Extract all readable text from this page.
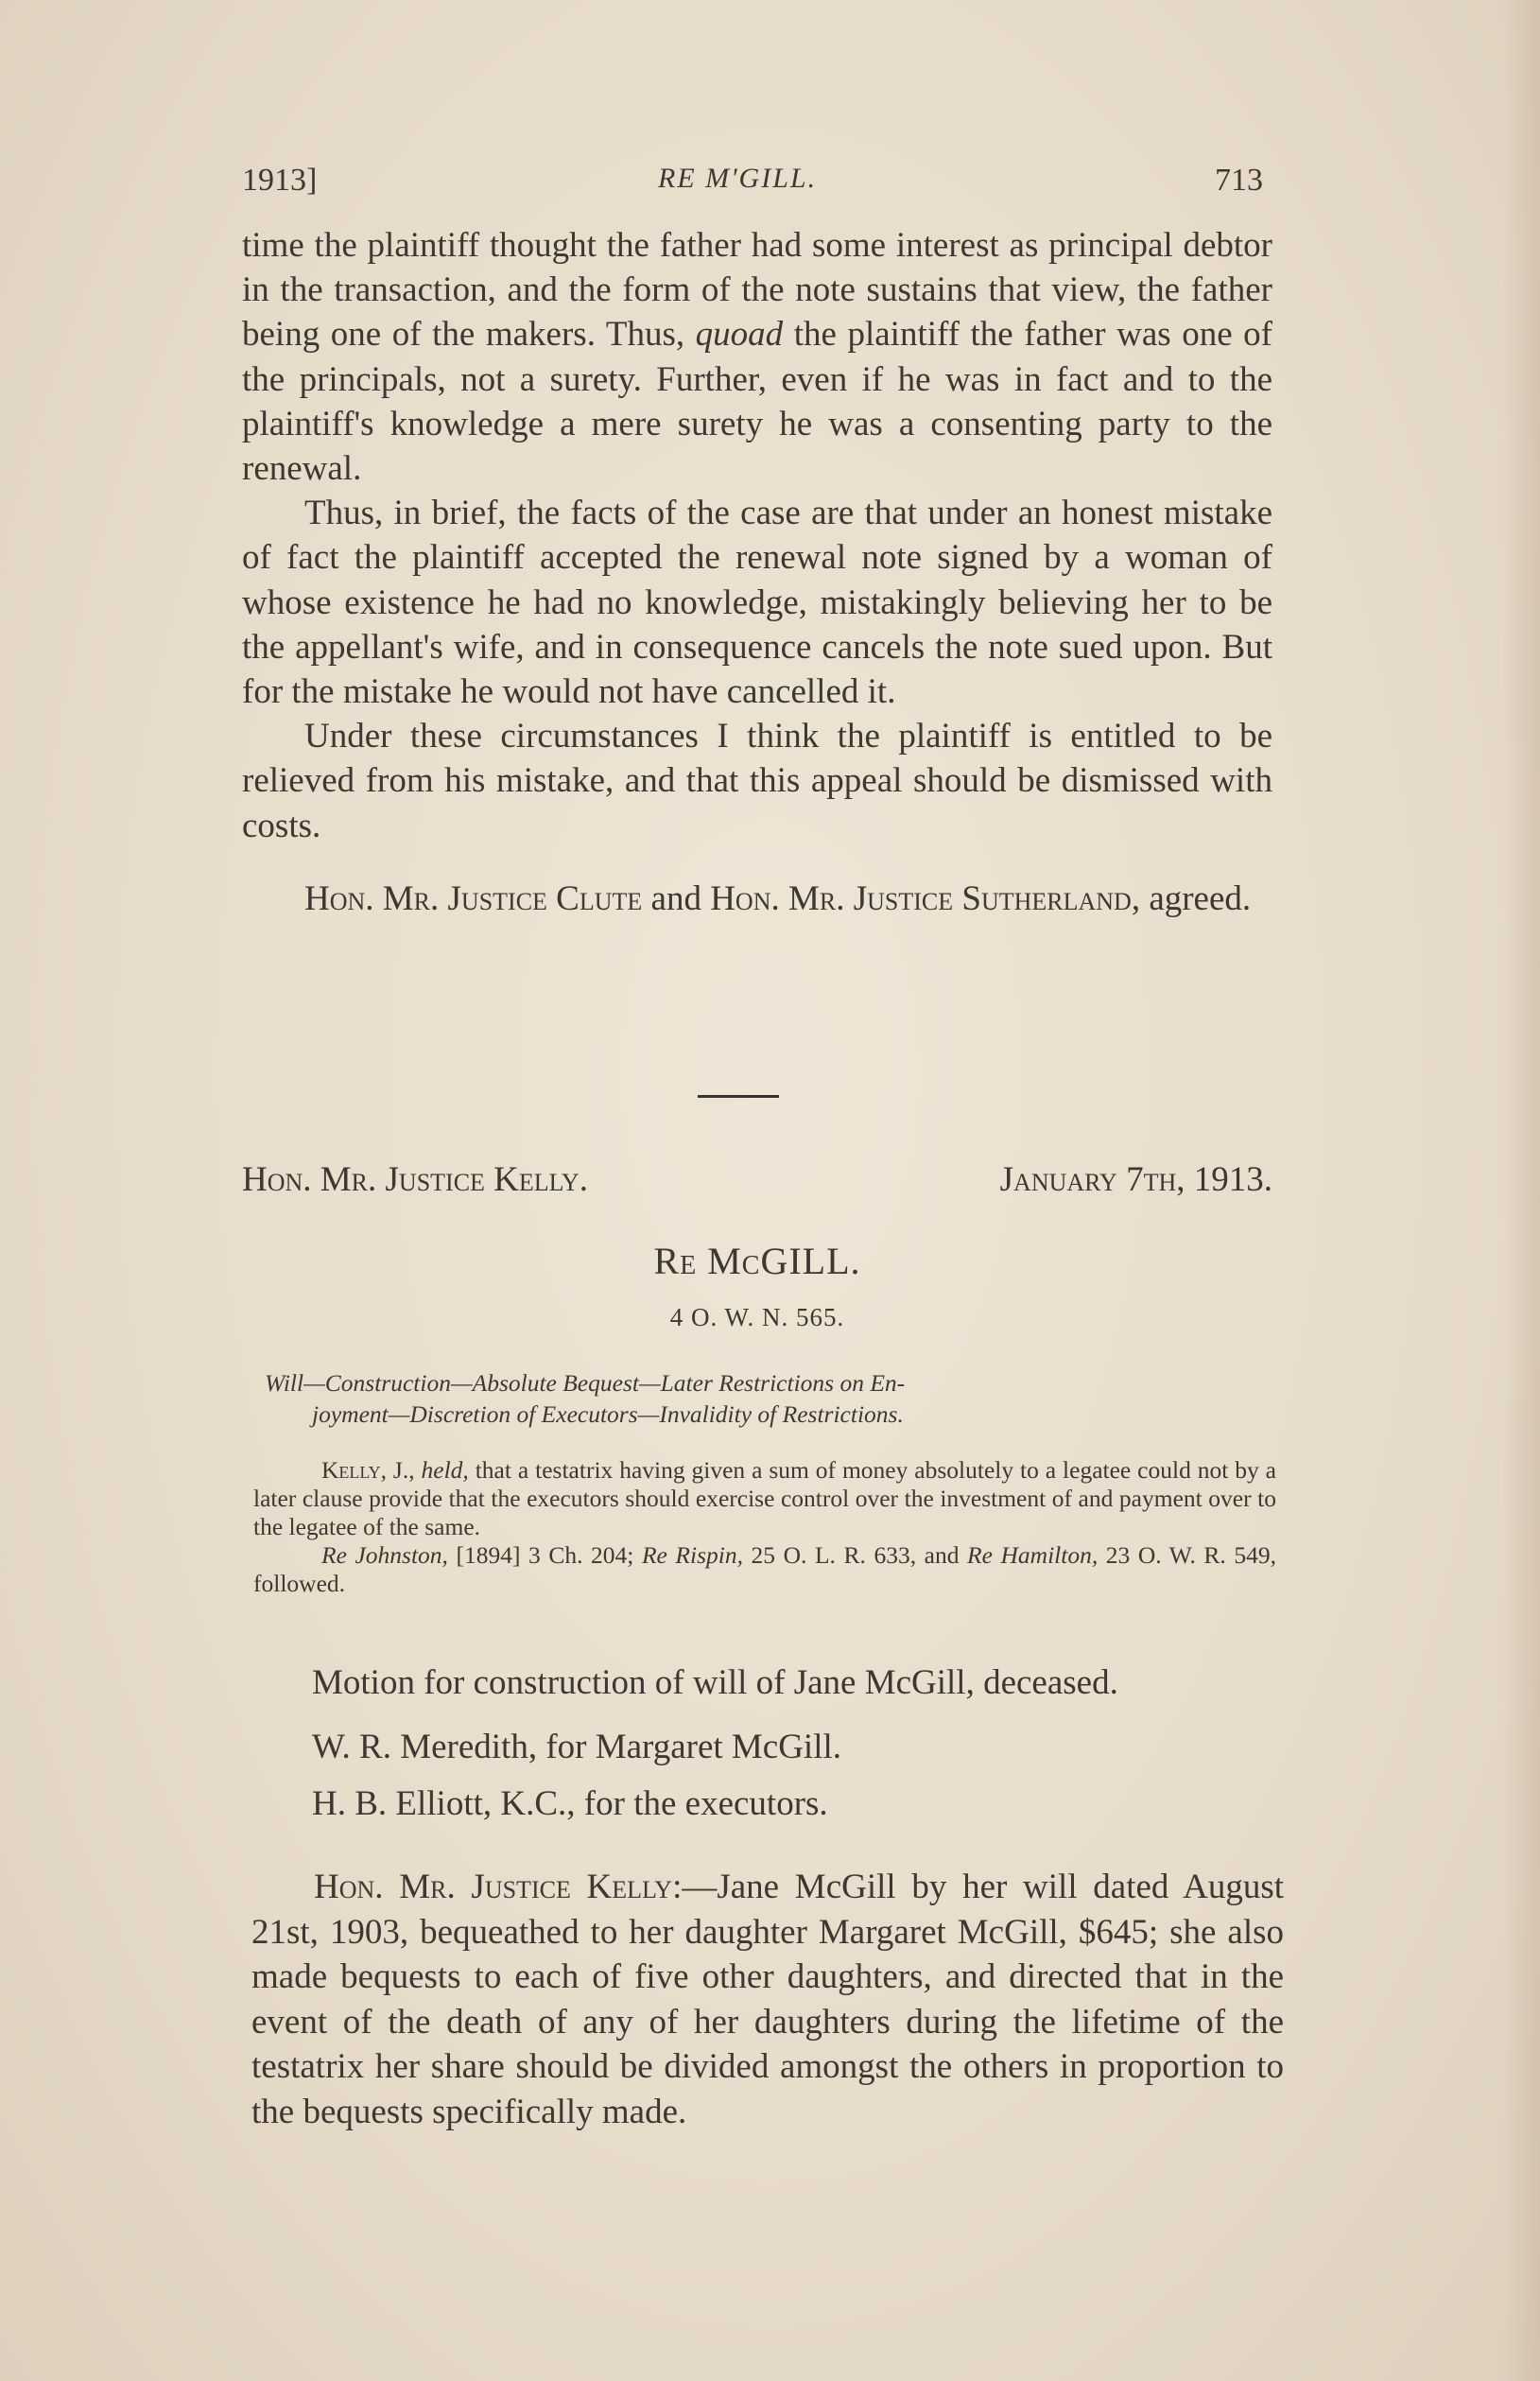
1913]	RE M'GILL.	713

time the plaintiff thought the father had some interest as principal debtor in the transaction, and the form of the note sustains that view, the father being one of the makers. Thus, quoad the plaintiff the father was one of the principals, not a surety. Further, even if he was in fact and to the plaintiff's knowledge a mere surety he was a consenting party to the renewal.

Thus, in brief, the facts of the case are that under an honest mistake of fact the plaintiff accepted the renewal note signed by a woman of whose existence he had no knowledge, mistakingly believing her to be the appellant's wife, and in consequence cancels the note sued upon. But for the mistake he would not have cancelled it.

Under these circumstances I think the plaintiff is entitled to be relieved from his mistake, and that this appeal should be dismissed with costs.

Hon. Mr. Justice Clute and Hon. Mr. Justice Sutherland, agreed.

Hon. Mr. Justice Kelly.	January 7th, 1913.
Re McGILL.
4 O. W. N. 565.
Will—Construction—Absolute Bequest—Later Restrictions on En-
joyment—Discretion of Executors—Invalidity of Restrictions.

Kelly, J., held, that a testatrix having given a sum of money absolutely to a legatee could not by a later clause provide that the executors should exercise control over the investment of and payment over to the legatee of the same.

Re Johnston, [1894] 3 Ch. 204; Re Rispin, 25 O. L. R. 633, and Re Hamilton, 23 O. W. R. 549, followed.

Motion for construction of will of Jane McGill, deceased.
W. R. Meredith, for Margaret McGill.
H. B. Elliott, K.C., for the executors.

Hon. Mr. Justice Kelly:—Jane McGill by her will dated August 21st, 1903, bequeathed to her daughter Margaret McGill, $645; she also made bequests to each of five other daughters, and directed that in the event of the death of any of her daughters during the lifetime of the testatrix her share should be divided amongst the others in proportion to the bequests specifically made.
